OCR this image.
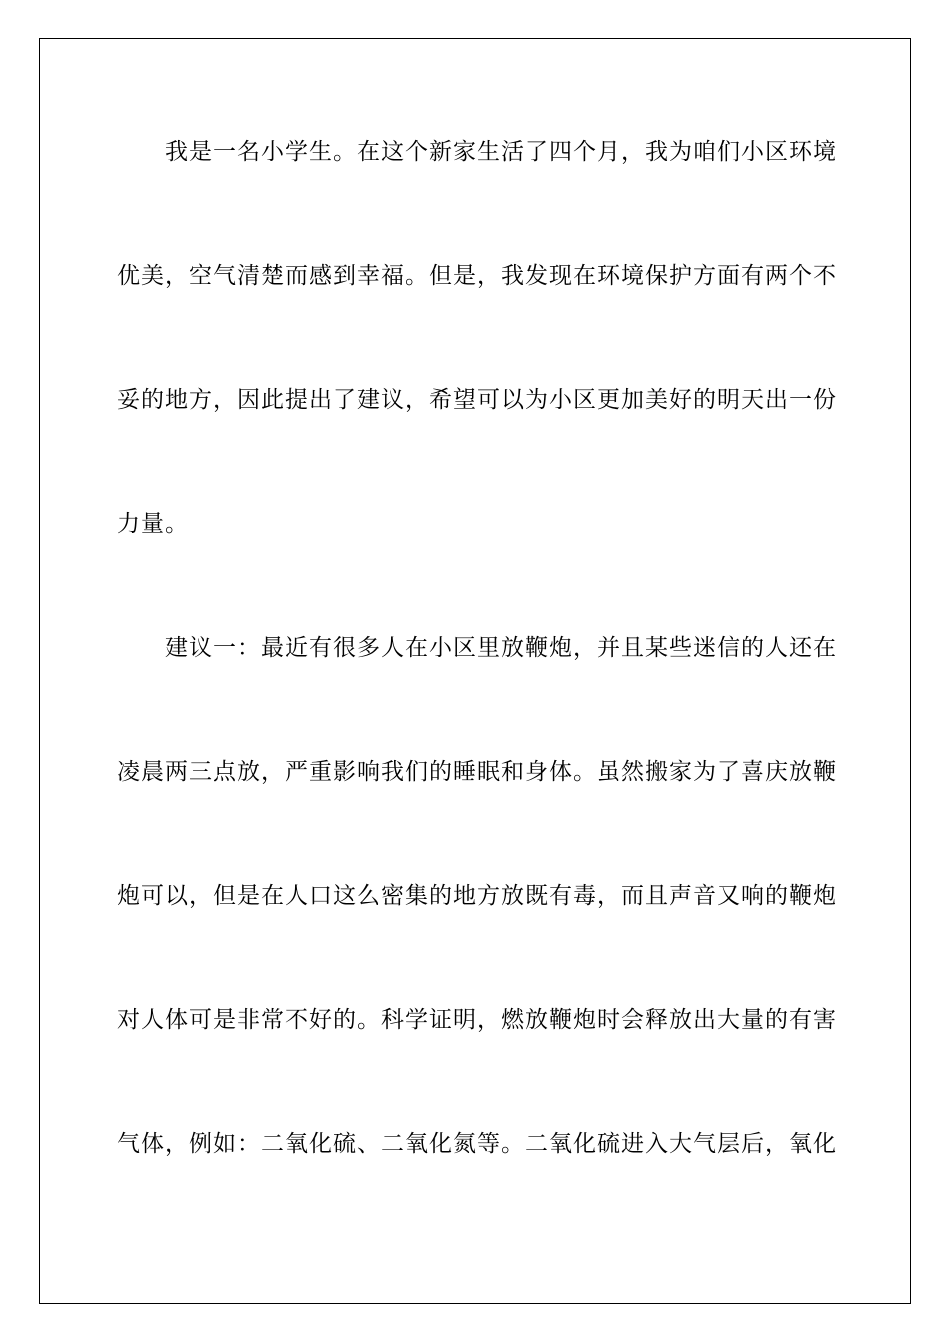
我是一名小学生。在这个新家生活了四个月，我为咱们小区环境
优美，空气清楚而感到幸福。但是，我发现在环境保护方面有两个不
妥的地方，因此提出了建议，希望可以为小区更加美好的明天出一份
力量。
建议一：最近有很多人在小区里放鞭炮，并且某些迷信的人还在
凌晨两三点放，严重影响我们的睡眠和身体。虽然搬家为了喜庆放鞭
炮可以，但是在人口这么密集的地方放既有毒，而且声音又响的鞭炮
对人体可是非常不好的。科学证明，燃放鞭炮时会释放出大量的有害
气体，例如：二氧化硫、二氧化氮等。二氧化硫进入大气层后，氧化
